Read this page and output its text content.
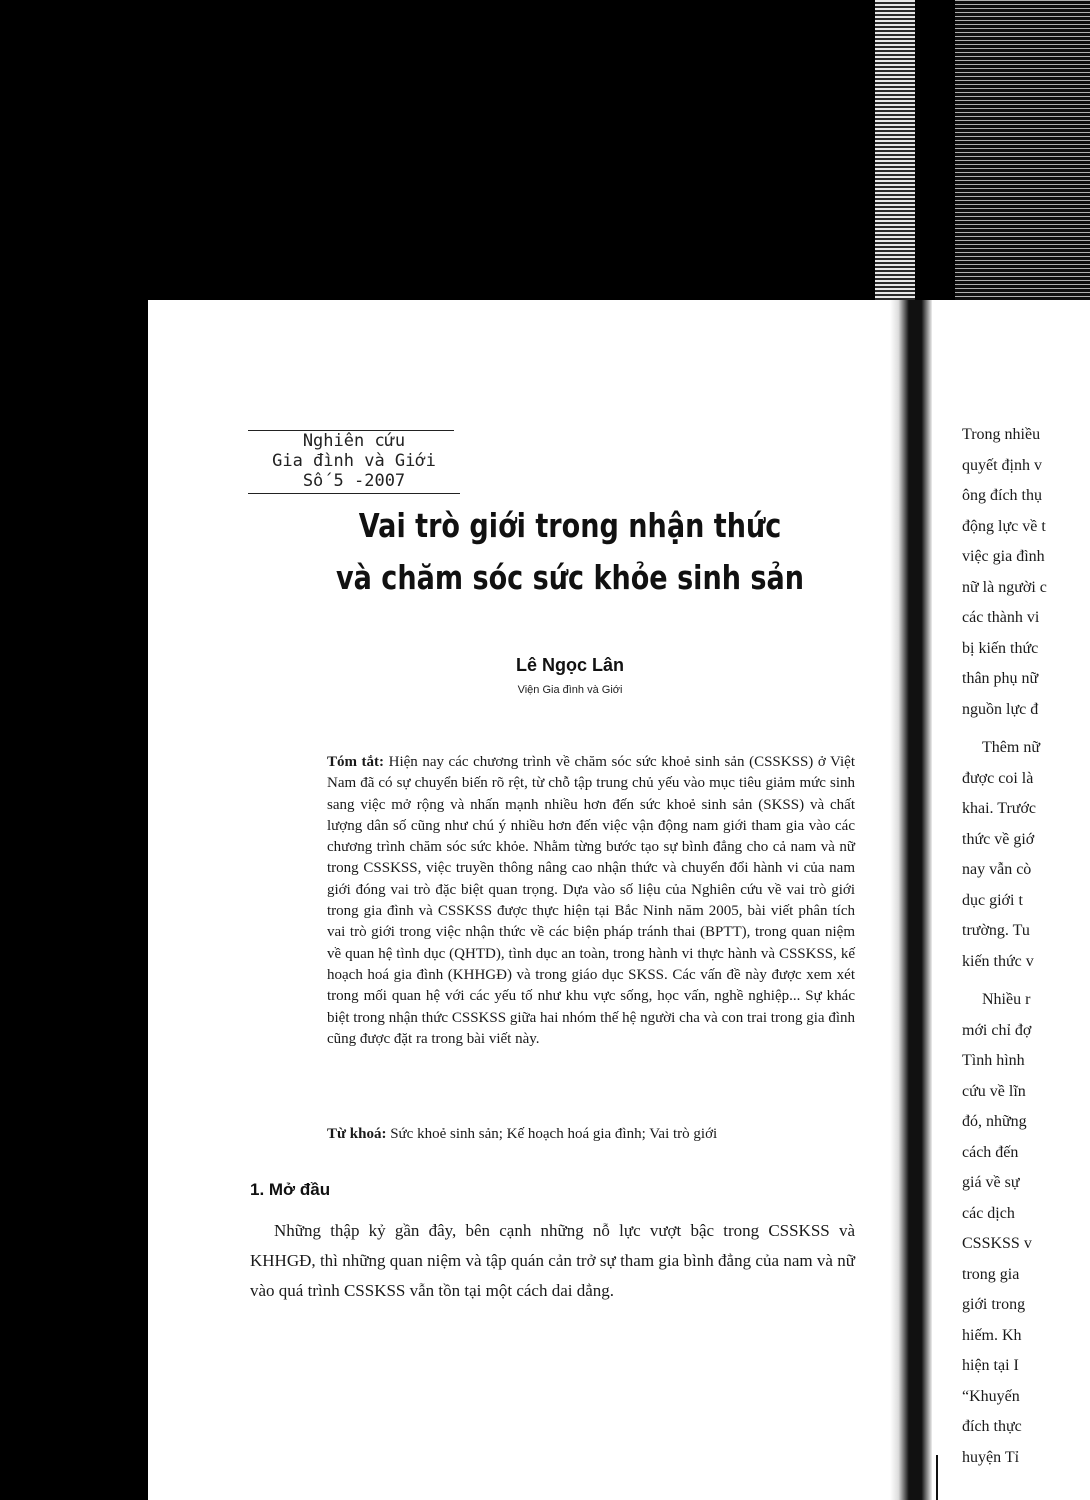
Trong nhiều
quyết định v
ông đích thụ
động lực về t
việc gia đình
nữ là người c
các thành vi
bị kiến thức
thân phụ nữ
nguồn lực đ
Thêm nữ
được coi là
khai. Trước
thức về giớ
nay vẫn cò
dục giới t
trường. Tu
kiến thức v
Nhiều r
mới chỉ đợ
Tình hình
cứu về lĩn
đó, những
cách đến
giá về sự
các dịch
CSSKSS v
trong gia
giới trong
hiếm. Kh
hiện tại I
“Khuyến
đích thực
huyện Tỉ
Nghiên cứu
Gia đình và Giới
Số 5 -2007
Vai trò giới trong nhận thức
và chăm sóc sức khỏe sinh sản
Lê Ngọc Lân
Viện Gia đình và Giới
Tóm tắt: Hiện nay các chương trình về chăm sóc sức khoẻ sinh sản (CSSKSS) ở Việt Nam đã có sự chuyển biến rõ rệt, từ chỗ tập trung chủ yếu vào mục tiêu giảm mức sinh sang việc mở rộng và nhấn mạnh nhiều hơn đến sức khoẻ sinh sản (SKSS) và chất lượng dân số cũng như chú ý nhiều hơn đến việc vận động nam giới tham gia vào các chương trình chăm sóc sức khỏe. Nhằm từng bước tạo sự bình đẳng cho cả nam và nữ trong CSSKSS, việc truyền thông nâng cao nhận thức và chuyển đổi hành vi của nam giới đóng vai trò đặc biệt quan trọng. Dựa vào số liệu của Nghiên cứu về vai trò giới trong gia đình và CSSKSS được thực hiện tại Bắc Ninh năm 2005, bài viết phân tích vai trò giới trong việc nhận thức về các biện pháp tránh thai (BPTT), trong quan niệm về quan hệ tình dục (QHTD), tình dục an toàn, trong hành vi thực hành và CSSKSS, kế hoạch hoá gia đình (KHHGĐ) và trong giáo dục SKSS. Các vấn đề này được xem xét trong mối quan hệ với các yếu tố như khu vực sống, học vấn, nghề nghiệp... Sự khác biệt trong nhận thức CSSKSS giữa hai nhóm thế hệ người cha và con trai trong gia đình cũng được đặt ra trong bài viết này.
Từ khoá: Sức khoẻ sinh sản; Kế hoạch hoá gia đình; Vai trò giới
1. Mở đầu

Những thập kỷ gần đây, bên cạnh những nỗ lực vượt bậc trong CSSKSS và KHHGĐ, thì những quan niệm và tập quán cản trở sự tham gia bình đẳng của nam và nữ vào quá trình CSSKSS vẫn tồn tại một cách dai dẳng.
